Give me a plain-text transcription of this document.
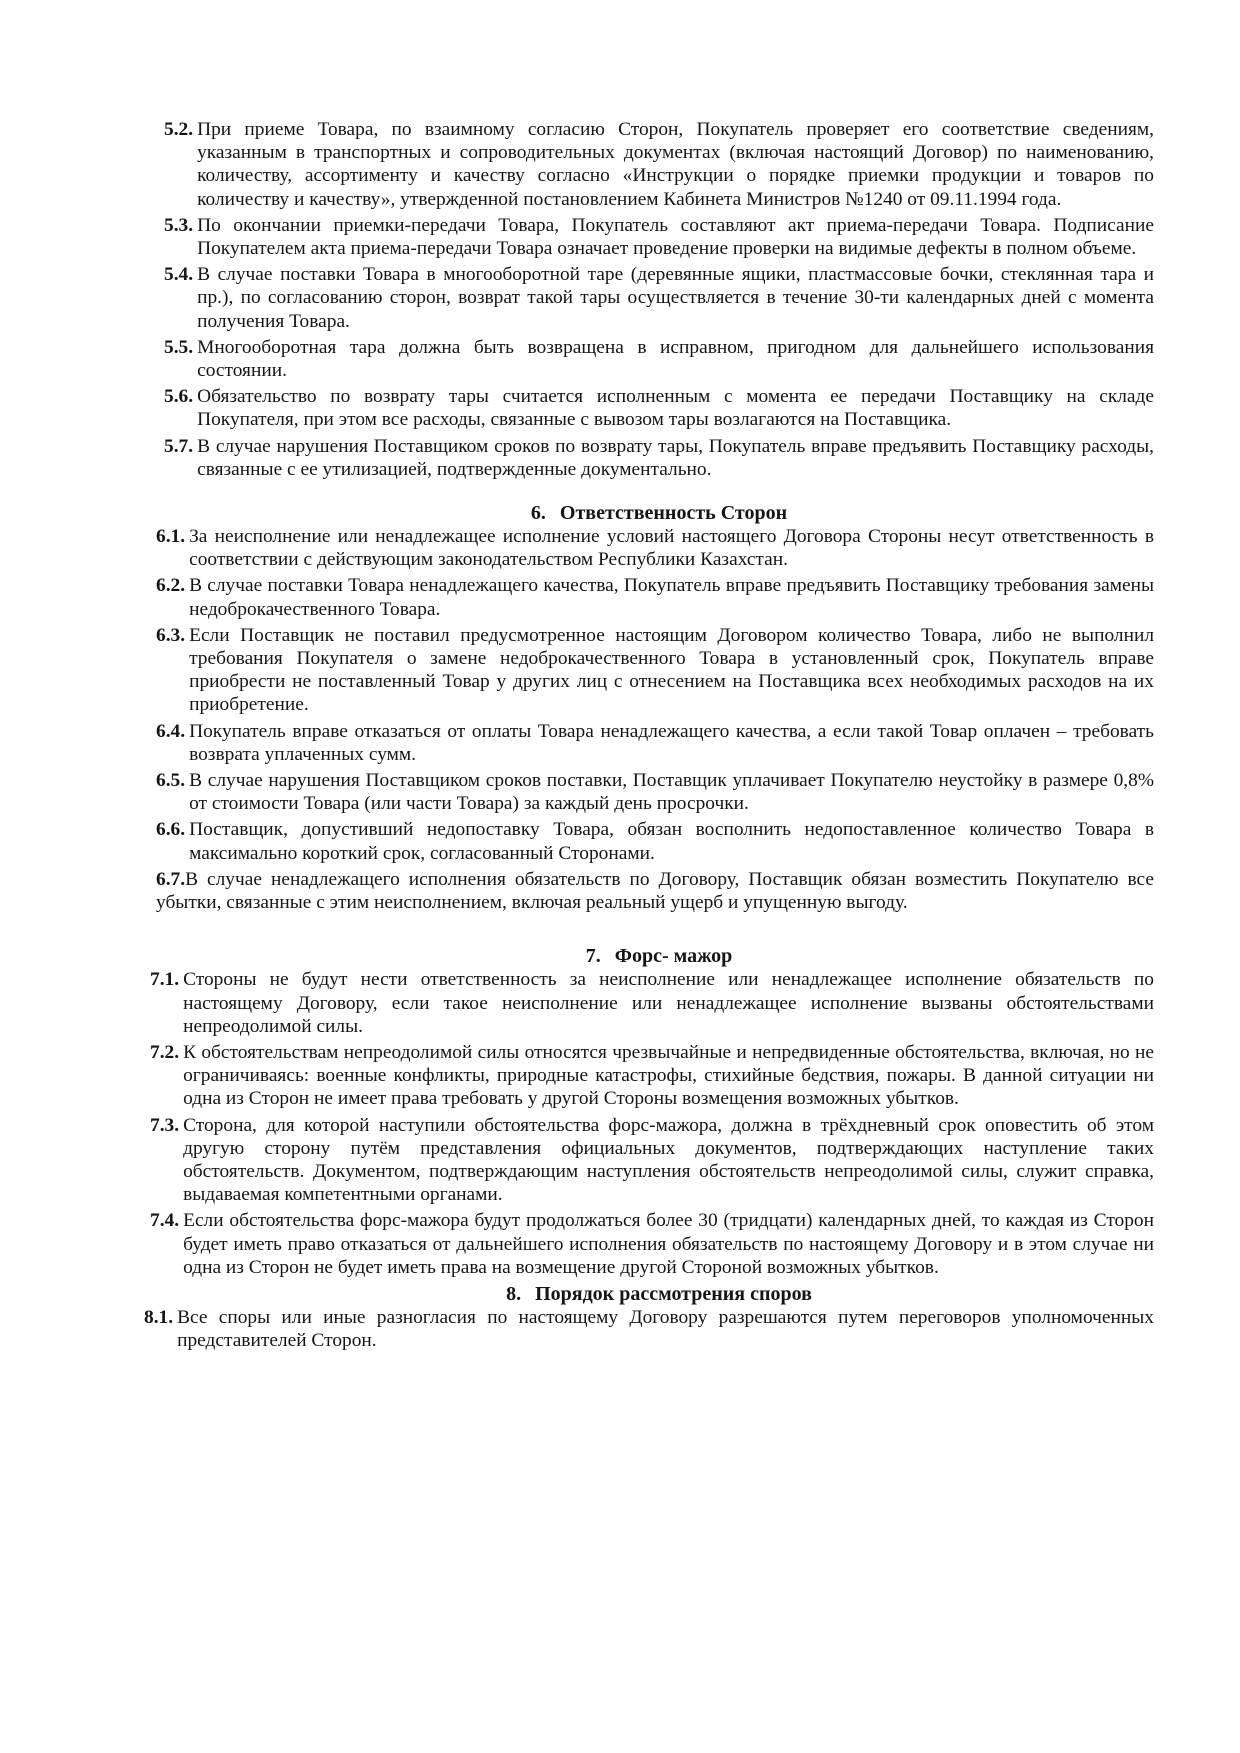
5.2. При приеме Товара, по взаимному согласию Сторон, Покупатель проверяет его соответствие сведениям, указанным в транспортных и сопроводительных документах (включая настоящий Договор) по наименованию, количеству, ассортименту и качеству согласно «Инструкции о порядке приемки продукции и товаров по количеству и качеству», утвержденной постановлением Кабинета Министров №1240 от 09.11.1994 года.
5.3. По окончании приемки-передачи Товара, Покупатель составляют акт приема-передачи Товара. Подписание Покупателем акта приема-передачи Товара означает проведение проверки на видимые дефекты в полном объеме.
5.4. В случае поставки Товара в многооборотной таре (деревянные ящики, пластмассовые бочки, стеклянная тара и пр.), по согласованию сторон, возврат такой тары осуществляется в течение 30-ти календарных дней с момента получения Товара.
5.5. Многооборотная тара должна быть возвращена в исправном, пригодном для дальнейшего использования состоянии.
5.6. Обязательство по возврату тары считается исполненным с момента ее передачи Поставщику на складе Покупателя, при этом все расходы, связанные с вывозом тары возлагаются на Поставщика.
5.7. В случае нарушения Поставщиком сроков по возврату тары, Покупатель вправе предъявить Поставщику расходы, связанные с ее утилизацией, подтвержденные документально.
6. Ответственность Сторон
6.1. За неисполнение или ненадлежащее исполнение условий настоящего Договора Стороны несут ответственность в соответствии с действующим законодательством Республики Казахстан.
6.2. В случае поставки Товара ненадлежащего качества, Покупатель вправе предъявить Поставщику требования замены недоброкачественного Товара.
6.3. Если Поставщик не поставил предусмотренное настоящим Договором количество Товара, либо не выполнил требования Покупателя о замене недоброкачественного Товара в установленный срок, Покупатель вправе приобрести не поставленный Товар у других лиц с отнесением на Поставщика всех необходимых расходов на их приобретение.
6.4. Покупатель вправе отказаться от оплаты Товара ненадлежащего качества, а если такой Товар оплачен – требовать возврата уплаченных сумм.
6.5. В случае нарушения Поставщиком сроков поставки, Поставщик уплачивает Покупателю неустойку в размере 0,8% от стоимости Товара (или части Товара) за каждый день просрочки.
6.6. Поставщик, допустивший недопоставку Товара, обязан восполнить недопоставленное количество Товара в максимально короткий срок, согласованный Сторонами.
6.7.В случае ненадлежащего исполнения обязательств по Договору, Поставщик обязан возместить Покупателю все убытки, связанные с этим неисполнением, включая реальный ущерб и упущенную выгоду.
7. Форс- мажор
7.1. Стороны не будут нести ответственность за неисполнение или ненадлежащее исполнение обязательств по настоящему Договору, если такое неисполнение или ненадлежащее исполнение вызваны обстоятельствами непреодолимой силы.
7.2. К обстоятельствам непреодолимой силы относятся чрезвычайные и непредвиденные обстоятельства, включая, но не ограничиваясь: военные конфликты, природные катастрофы, стихийные бедствия, пожары. В данной ситуации ни одна из Сторон не имеет права требовать у другой Стороны возмещения возможных убытков.
7.3. Сторона, для которой наступили обстоятельства форс-мажора, должна в трёхдневный срок оповестить об этом другую сторону путём представления официальных документов, подтверждающих наступление таких обстоятельств. Документом, подтверждающим наступления обстоятельств непреодолимой силы, служит справка, выдаваемая компетентными органами.
7.4. Если обстоятельства форс-мажора будут продолжаться более 30 (тридцати) календарных дней, то каждая из Сторон будет иметь право отказаться от дальнейшего исполнения обязательств по настоящему Договору и в этом случае ни одна из Сторон не будет иметь права на возмещение другой Стороной возможных убытков.
8. Порядок рассмотрения споров
8.1. Все споры или иные разногласия по настоящему Договору разрешаются путем переговоров уполномоченных представителей Сторон.
